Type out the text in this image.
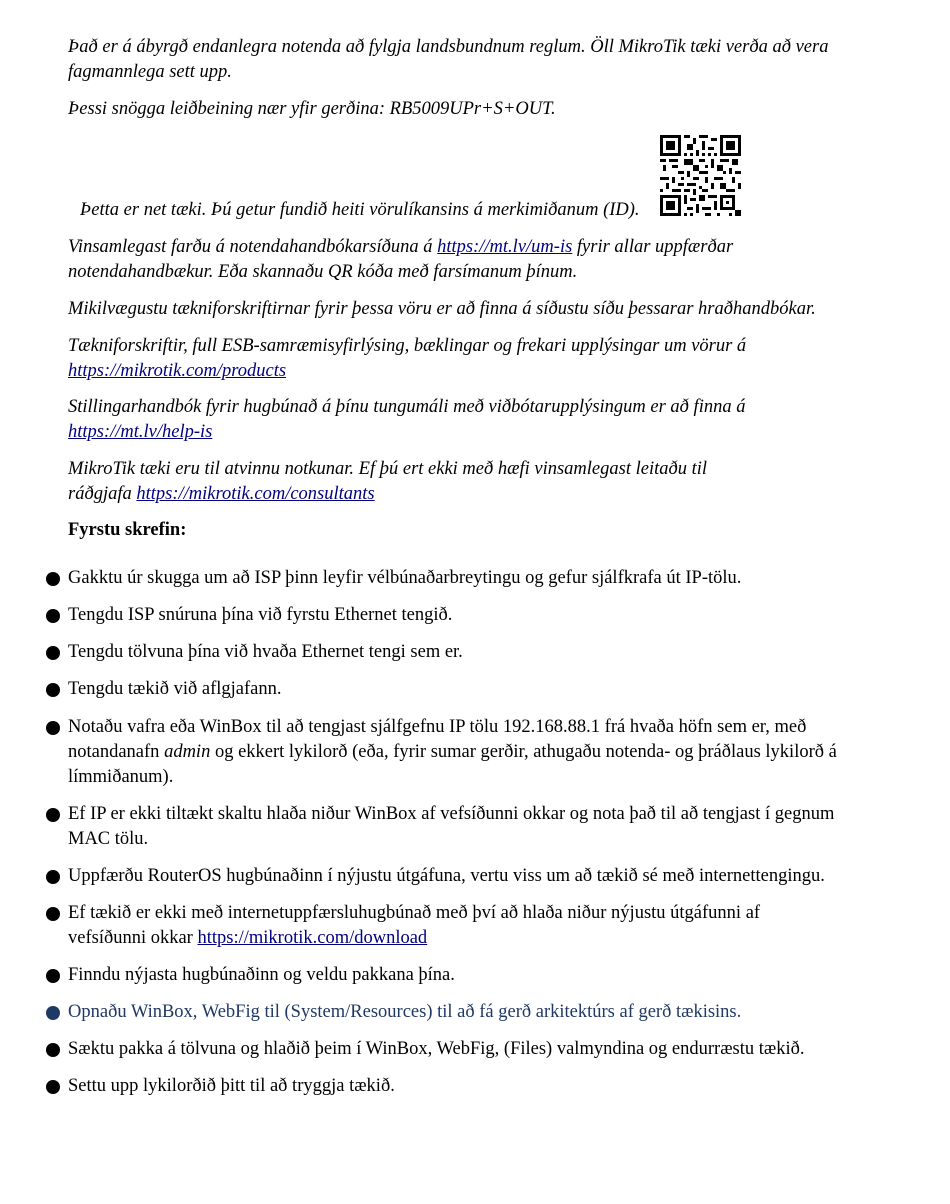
Það er á ábyrgð endanlegra notenda að fylgja landsbundnum reglum. Öll MikroTik tæki verða að vera fagmannlega sett upp.

Þessi snögga leiðbeining nær yfir gerðina: RB5009UPr+S+OUT.

Þetta er net tæki. Þú getur fundið heiti vörulíkansins á merkimiðanum (ID).

Vinsamlegast farðu á notendahandbókarsíðuna á https://mt.lv/um-is fyrir allar uppfærðar notendahandbækur. Eða skannaðu QR kóða með farsímanum þínum.

Mikilvægustu tækniforskriftirnar fyrir þessa vöru er að finna á síðustu síðu þessarar hraðhandbókar.

Tækniforskriftir, full ESB-samræmisyfirlýsing, bæklingar og frekari upplýsingar um vörur á https://mikrotik.com/products

Stillingarhandbók fyrir hugbúnað á þínu tungumáli með viðbótarupplýsingum er að finna á https://mt.lv/help-is

MikroTik tæki eru til atvinnu notkunar. Ef þú ert ekki með hæfi vinsamlegast leitaðu til ráðgjafa https://mikrotik.com/consultants

Fyrstu skrefin:

Gakktu úr skugga um að ISP þinn leyfir vélbúnaðarbreytingu og gefur sjálfkrafa út IP-tölu.

Tengdu ISP snúruna þína við fyrstu Ethernet tengið.

Tengdu tölvuna þína við hvaða Ethernet tengi sem er.

Tengdu tækið við aflgjafann.

Notaðu vafra eða WinBox til að tengjast sjálfgefnu IP tölu 192.168.88.1 frá hvaða höfn sem er, með notandanafn admin og ekkert lykilorð (eða, fyrir sumar gerðir, athugaðu notenda- og þráðlaus lykilorð á límmiðanum).

Ef IP er ekki tiltækt skaltu hlaða niður WinBox af vefsíðunni okkar og nota það til að tengjast í gegnum MAC tölu.

Uppfærðu RouterOS hugbúnaðinn í nýjustu útgáfuna, vertu viss um að tækið sé með internettengingu.

Ef tækið er ekki með internetuppfærsluhugbúnað með því að hlaða niður nýjustu útgáfunni af vefsíðunni okkar https://mikrotik.com/download

Finndu nýjasta hugbúnaðinn og veldu pakkana þína.

Opnaðu WinBox, WebFig til (System/Resources) til að fá gerð arkitektúrs af gerð tækisins.

Sæktu pakka á tölvuna og hlaðið þeim í WinBox, WebFig, (Files) valmyndina og endurræstu tækið.

Settu upp lykilorðið þitt til að tryggja tækið.
